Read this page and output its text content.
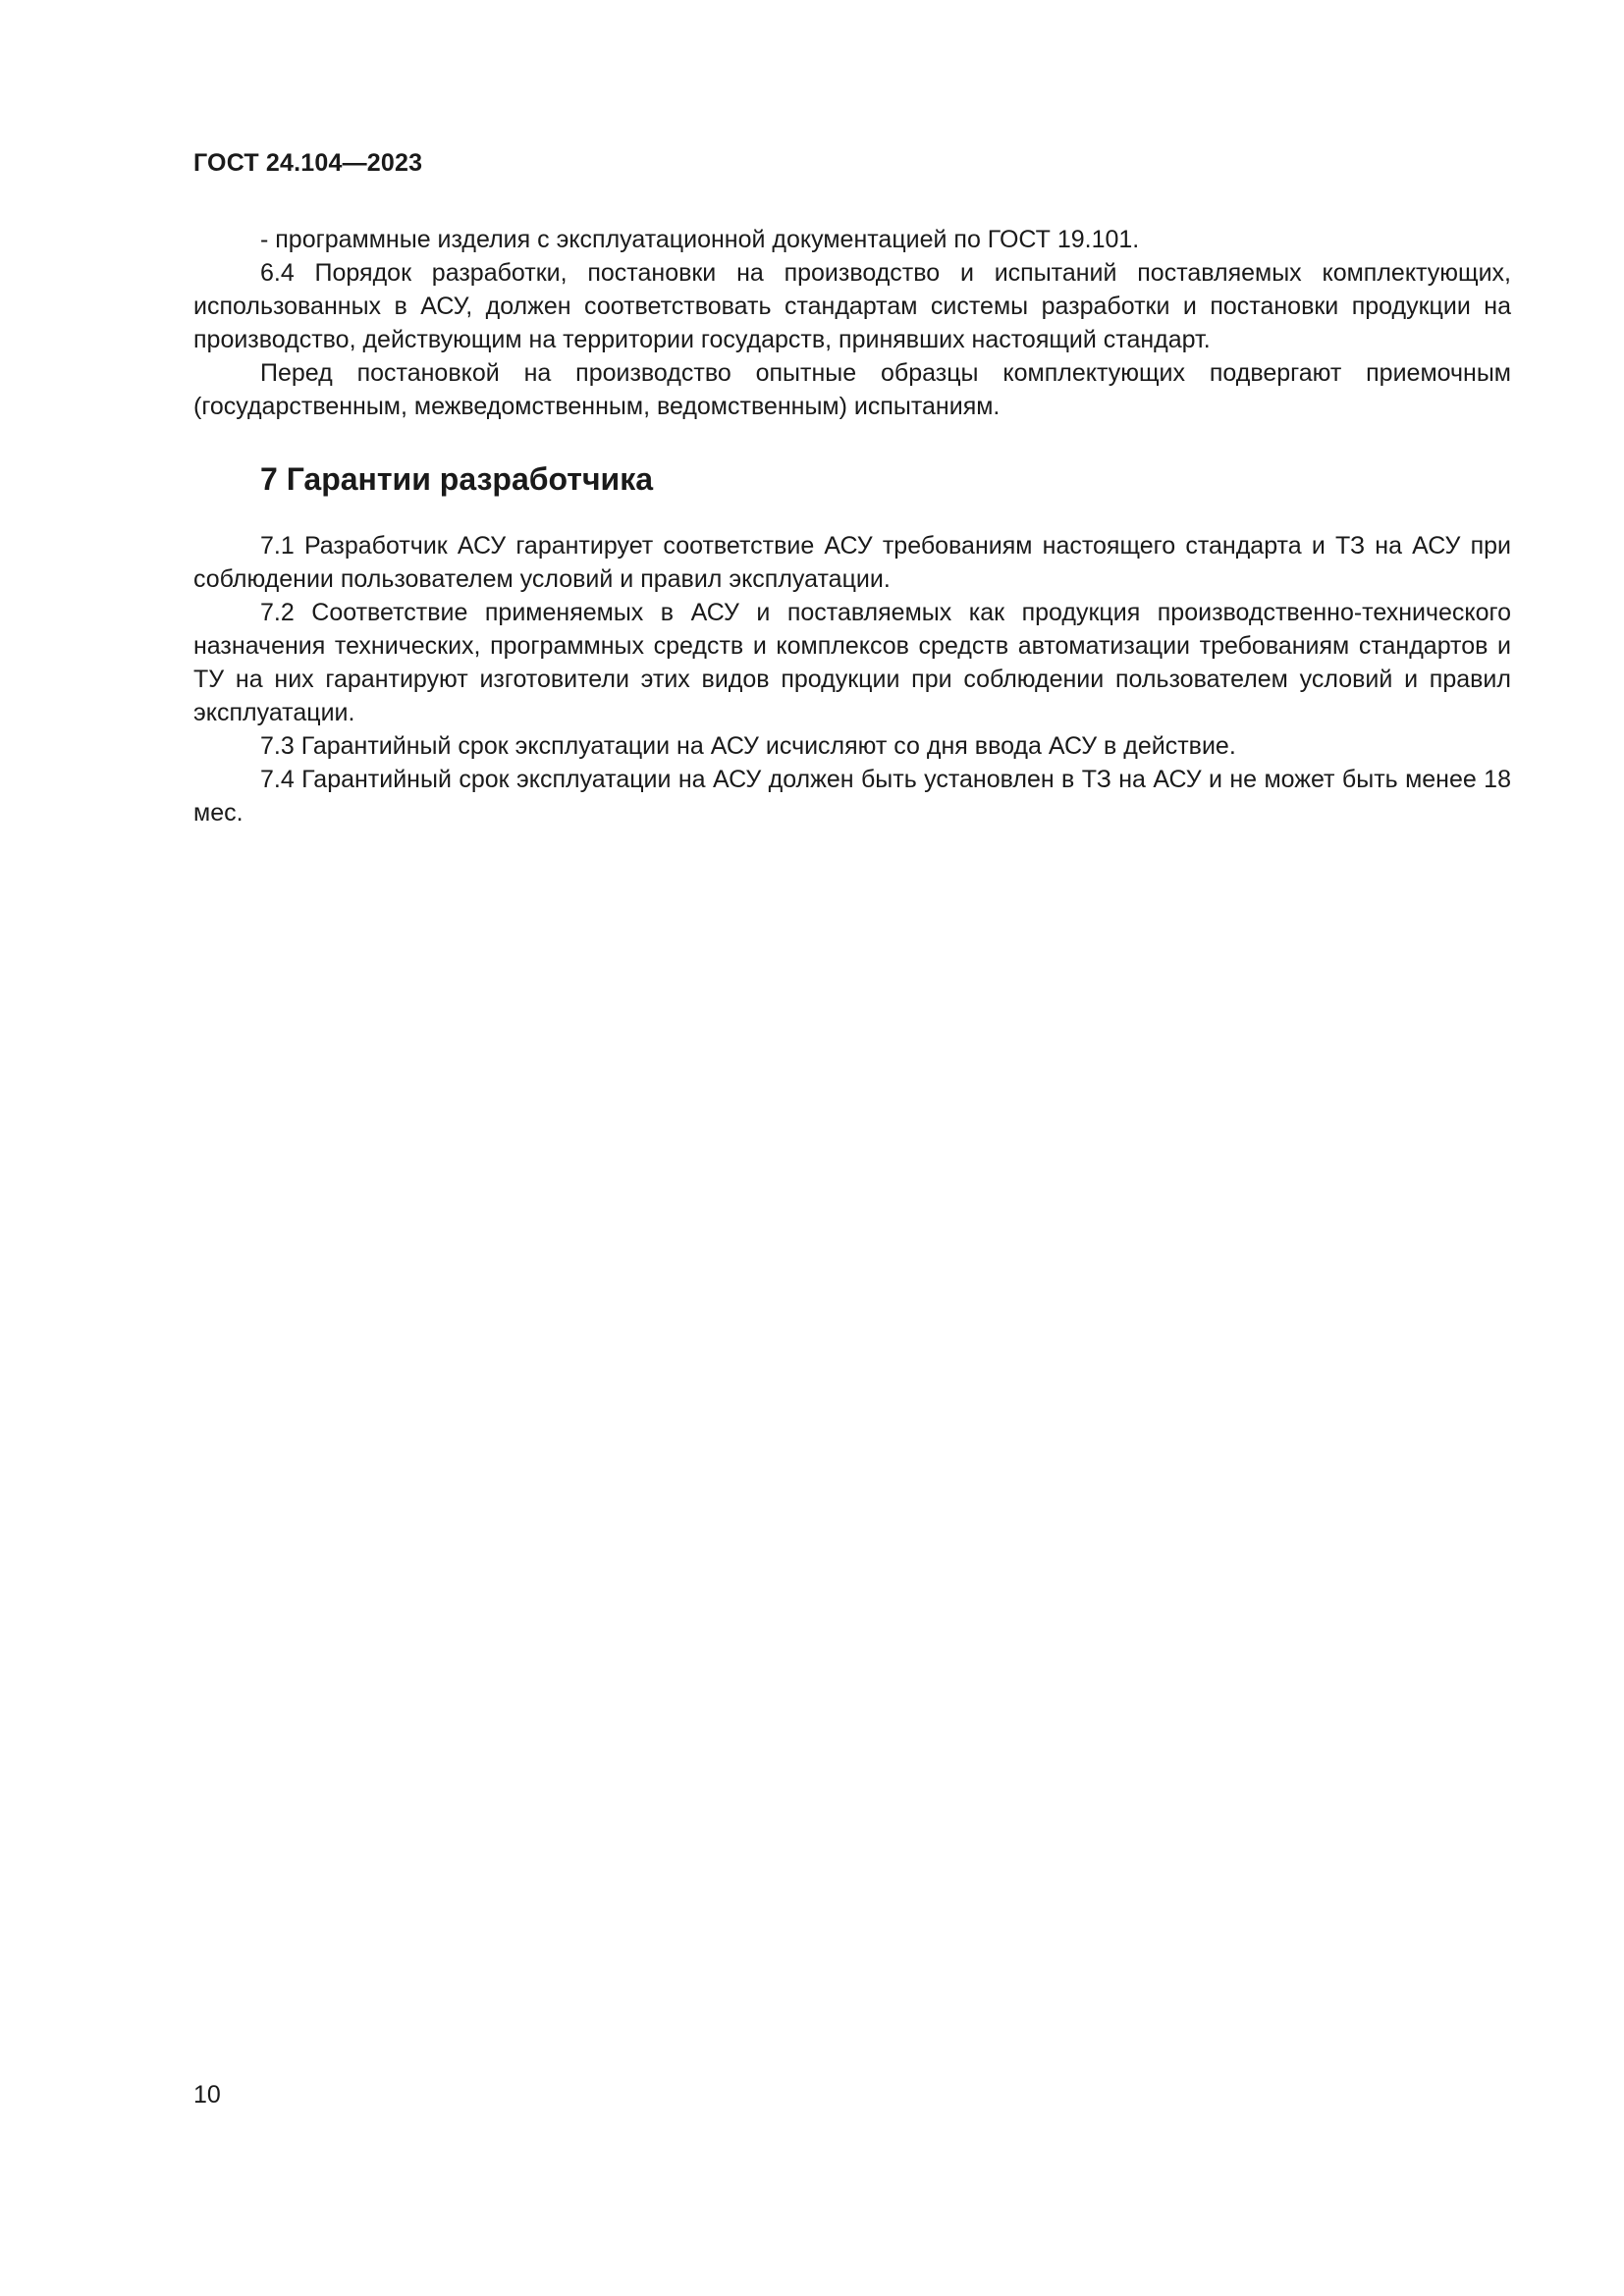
ГОСТ 24.104—2023

- программные изделия с эксплуатационной документацией по ГОСТ 19.101.

6.4 Порядок разработки, постановки на производство и испытаний поставляемых комплектующих, использованных в АСУ, должен соответствовать стандартам системы разработки и постановки продукции на производство, действующим на территории государств, принявших настоящий стандарт.

Перед постановкой на производство опытные образцы комплектующих подвергают приемочным (государственным, межведомственным, ведомственным) испытаниям.

7 Гарантии разработчика

7.1 Разработчик АСУ гарантирует соответствие АСУ требованиям настоящего стандарта и ТЗ на АСУ при соблюдении пользователем условий и правил эксплуатации.

7.2 Соответствие применяемых в АСУ и поставляемых как продукция производственно-технического назначения технических, программных средств и комплексов средств автоматизации требованиям стандартов и ТУ на них гарантируют изготовители этих видов продукции при соблюдении пользователем условий и правил эксплуатации.

7.3 Гарантийный срок эксплуатации на АСУ исчисляют со дня ввода АСУ в действие.

7.4 Гарантийный срок эксплуатации на АСУ должен быть установлен в ТЗ на АСУ и не может быть менее 18 мес.

10
